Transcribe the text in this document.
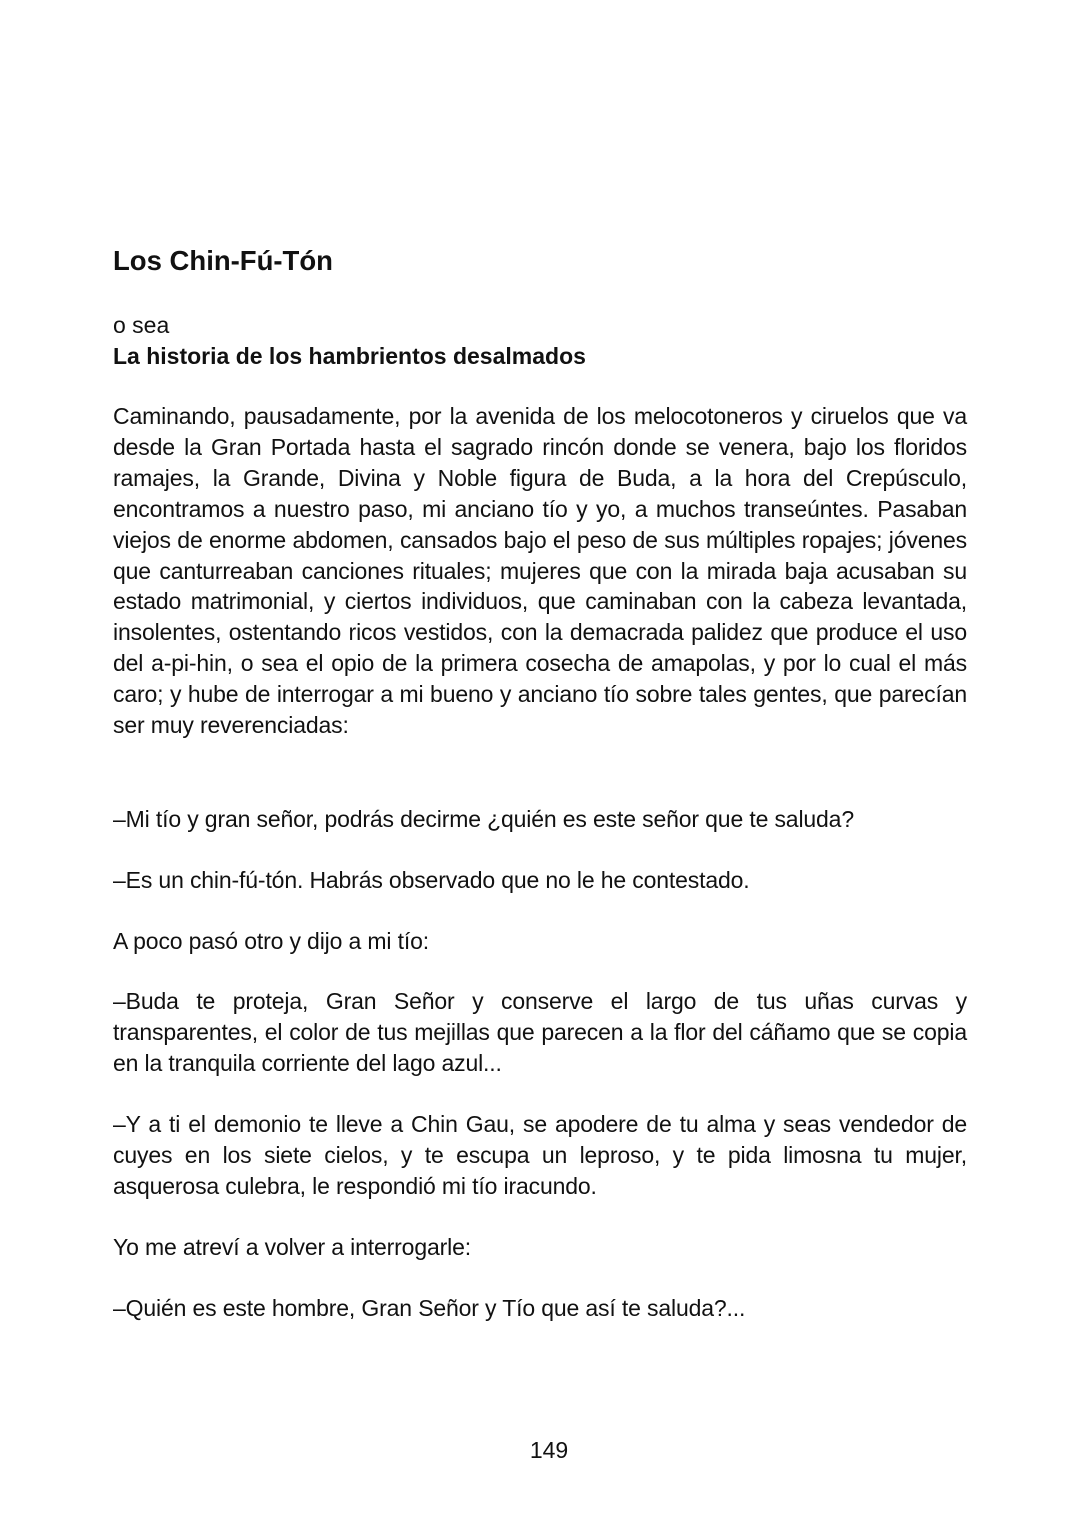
Los Chin-Fú-Tón

o sea

La historia de los hambrientos desalmados

Caminando, pausadamente, por la avenida de los melocotoneros y ciruelos que va desde la Gran Portada hasta el sagrado rincón donde se venera, bajo los floridos ramajes, la Grande, Divina y Noble figura de Buda, a la hora del Crepúsculo, encontramos a nuestro paso, mi anciano tío y yo, a muchos transeúntes. Pasaban viejos de enorme abdomen, cansados bajo el peso de sus múltiples ropajes; jóvenes que canturreaban canciones rituales; mujeres que con la mirada baja acusaban su estado matrimonial, y ciertos individuos, que caminaban con la cabeza levantada, insolentes, ostentando ricos vestidos, con la demacrada palidez que produce el uso del a-pi-hin, o sea el opio de la primera cosecha de amapolas, y por lo cual el más caro; y hube de interrogar a mi bueno y anciano tío sobre tales gentes, que parecían ser muy reverenciadas:

–Mi tío y gran señor, podrás decirme ¿quién es este señor que te saluda?

–Es un chin-fú-tón. Habrás observado que no le he contestado.

A poco pasó otro y dijo a mi tío:

–Buda te proteja, Gran Señor y conserve el largo de tus uñas curvas y transparentes, el color de tus mejillas que parecen a la flor del cáñamo que se copia en la tranquila corriente del lago azul...

–Y a ti el demonio te lleve a Chin Gau, se apodere de tu alma y seas vendedor de cuyes en los siete cielos, y te escupa un leproso, y te pida limosna tu mujer, asquerosa culebra, le respondió mi tío iracundo.

Yo me atreví a volver a interrogarle:

–Quién es este hombre, Gran Señor y Tío que así te saluda?...

149
